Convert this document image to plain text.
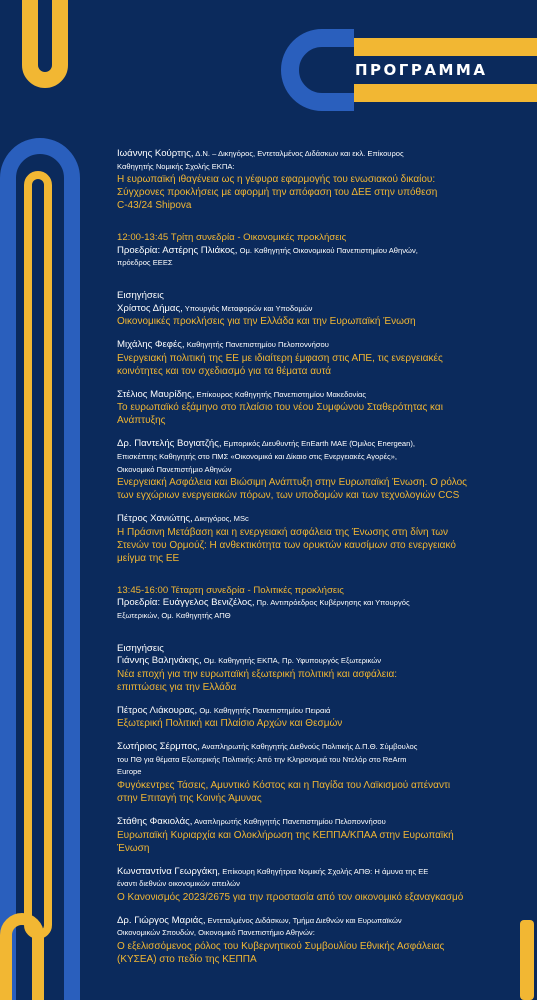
ΠΡΟΓΡΑΜΜΑ

Ιωάννης Κούρτης, Δ.Ν. – Δικηγόρος, Εντεταλμένος Διδάσκων και εκλ. Επίκουρος

Καθηγητής Νομικής Σχολής ΕΚΠΑ:

Η ευρωπαϊκή ιθαγένεια ως η γέφυρα εφαρμογής του ενωσιακού δικαίου:

Σύγχρονες προκλήσεις με αφορμή την απόφαση του ΔΕΕ στην υπόθεση

C-43/24 Shipova

12:00-13:45 Τρίτη συνεδρία - Οικονομικές προκλήσεις

Προεδρία: Αστέρης Πλιάκος, Ομ. Καθηγητής Οικονομικού Πανεπιστημίου Αθηνών,

πρόεδρος ΕΕΕΣ

Εισηγήσεις

Χρίστος Δήμας, Υπουργός Μεταφορών και Υποδομών

Οικονομικές προκλήσεις για την Ελλάδα και την Ευρωπαϊκή Ένωση

Μιχάλης Φεφές, Καθηγητής Πανεπιστημίου Πελοποννήσου

Ενεργειακή πολιτική της ΕΕ με ιδιαίτερη έμφαση στις ΑΠΕ, τις ενεργειακές

κοινότητες και τον σχεδιασμό για τα θέματα αυτά

Στέλιος Μαυρίδης, Επίκουρος Καθηγητής Πανεπιστημίου Μακεδονίας

Το ευρωπαϊκό εξάμηνο στο πλαίσιο του νέου Συμφώνου Σταθερότητας και

Ανάπτυξης

Δρ. Παντελής Βογιατζής, Εμπορικός Διευθυντής EnEarth ΜΑΕ (Όμιλος Energean),

Επισκέπτης Καθηγητής στο ΠΜΣ «Οικονομικά και Δίκαιο στις Ενεργειακές Αγορές»,

Οικονομικό Πανεπιστήμιο Αθηνών

Ενεργειακή Ασφάλεια και Βιώσιμη Ανάπτυξη στην Ευρωπαϊκή Ένωση. Ο ρόλος

των εγχώριων ενεργειακών πόρων, των υποδομών και των τεχνολογιών CCS

Πέτρος Χανιώτης, Δικηγόρος, MSc

Η Πράσινη Μετάβαση και η ενεργειακή ασφάλεια της Ένωσης στη δίνη των

Στενών του Ορμούζ: Η ανθεκτικότητα των ορυκτών καυσίμων στο ενεργειακό

μείγμα της ΕΕ

13:45-16:00 Τέταρτη συνεδρία - Πολιτικές προκλήσεις

Προεδρία: Ευάγγελος Βενιζέλος, Πρ. Αντιπρόεδρος Κυβέρνησης και Υπουργός

Εξωτερικών, Ομ. Καθηγητής ΑΠΘ

Εισηγήσεις

Γιάννης Βαληνάκης, Ομ. Καθηγητής ΕΚΠΑ, Πρ. Υφυπουργός Εξωτερικών

Νέα εποχή για την ευρωπαϊκή εξωτερική πολιτική και ασφάλεια:

επιπτώσεις για την Ελλάδα

Πέτρος Λιάκουρας, Ομ. Καθηγητής Πανεπιστημίου Πειραιά

Εξωτερική Πολιτική και Πλαίσιο Αρχών και Θεσμών

Σωτήριος Σέρμπος, Αναπληρωτής Καθηγητής Διεθνούς Πολιτικής Δ.Π.Θ. Σύμβουλος

του ΠΘ για θέματα Εξωτερικής Πολιτικής: Από την Κληρονομιά του Ντελόρ στο ReArm

Europe

Φυγόκεντρες Τάσεις, Αμυντικό Κόστος και η Παγίδα του Λαϊκισμού απέναντι

στην Επιταγή της Κοινής Άμυνας

Στάθης Φακιολάς, Αναπληρωτής Καθηγητής Πανεπιστημίου Πελοποννήσου

Ευρωπαϊκή Κυριαρχία και Ολοκλήρωση της ΚΕΠΠΑ/ΚΠΑΑ στην Ευρωπαϊκή

Ένωση

Κωνσταντίνα Γεωργάκη, Επίκουρη Καθηγήτρια Νομικής Σχολής ΑΠΘ: Η άμυνα της ΕΕ

έναντι διεθνών οικονομικών απειλών

Ο Κανονισμός 2023/2675 για την προστασία από τον οικονομικό εξαναγκασμό

Δρ. Γιώργος Μαριάς, Εντεταλμένος Διδάσκων, Τμήμα Διεθνών και Ευρωπαϊκών

Οικονομικών Σπουδών, Οικονομικό Πανεπιστήμιο Αθηνών:

Ο εξελισσόμενος ρόλος του Κυβερνητικού Συμβουλίου Εθνικής Ασφάλειας

(ΚΥΣΕΑ) στο πεδίο της ΚΕΠΠΑ
